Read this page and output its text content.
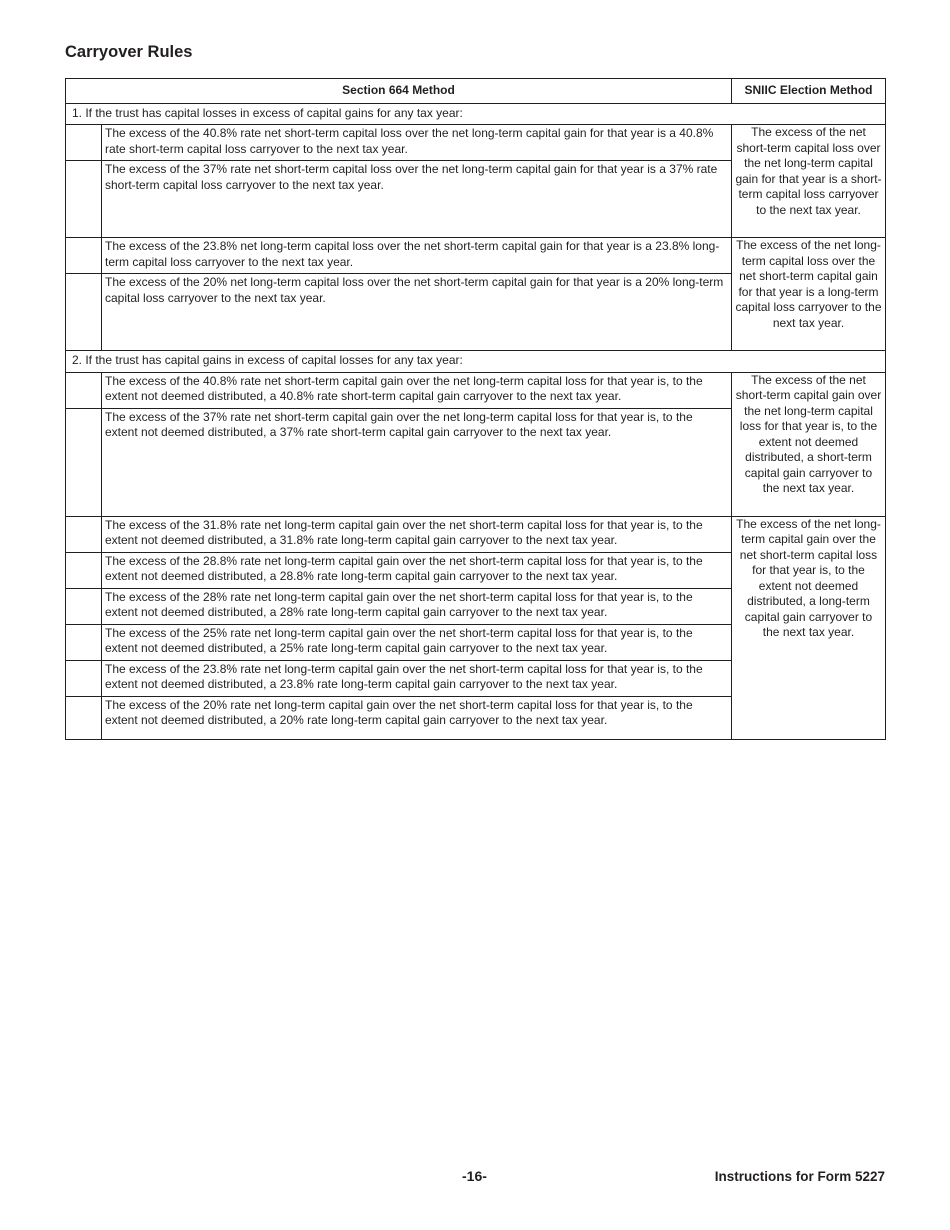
Carryover Rules
Section 664 Method		SNIIC Election Method
1. If the trust has capital losses in excess of capital gains for any tax year:		
	The excess of the 40.8% rate net short-term capital loss over the net long-term capital gain for that year is a 40.8% rate short-term capital loss carryover to the next tax year.	The excess of the net short-term capital loss over the net long-term capital gain for that year is a short-term capital loss carryover to the next tax year.
	The excess of the 37% rate net short-term capital loss over the net long-term capital gain for that year is a 37% rate short-term capital loss carryover to the next tax year.	
	The excess of the 23.8% net long-term capital loss over the net short-term capital gain for that year is a 23.8% long-term capital loss carryover to the next tax year.	The excess of the net long-term capital loss over the net short-term capital gain for that year is a long-term capital loss carryover to the next tax year.
	The excess of the 20% net long-term capital loss over the net short-term capital gain for that year is a 20% long-term capital loss carryover to the next tax year.	
2. If the trust has capital gains in excess of capital losses for any tax year:		
	The excess of the 40.8% rate net short-term capital gain over the net long-term capital loss for that year is, to the extent not deemed distributed, a 40.8% rate short-term capital gain carryover to the next tax year.	The excess of the net short-term capital gain over the net long-term capital loss for that year is, to the extent not deemed distributed, a short-term capital gain carryover to the next tax year.
	The excess of the 37% rate net short-term capital gain over the net long-term capital loss for that year is, to the extent not deemed distributed, a 37% rate short-term capital gain carryover to the next tax year.	
	The excess of the 31.8% rate net long-term capital gain over the net short-term capital loss for that year is, to the extent not deemed distributed, a 31.8% rate long-term capital gain carryover to the next tax year.	The excess of the net long-term capital gain over the net short-term capital loss for that year is, to the extent not deemed distributed, a long-term capital gain carryover to the next tax year.
	The excess of the 28.8% rate net long-term capital gain over the net short-term capital loss for that year is, to the extent not deemed distributed, a 28.8% rate long-term capital gain carryover to the next tax year.	
	The excess of the 28% rate net long-term capital gain over the net short-term capital loss for that year is, to the extent not deemed distributed, a 28% rate long-term capital gain carryover to the next tax year.	
	The excess of the 25% rate net long-term capital gain over the net short-term capital loss for that year is, to the extent not deemed distributed, a 25% rate long-term capital gain carryover to the next tax year.	
	The excess of the 23.8% rate net long-term capital gain over the net short-term capital loss for that year is, to the extent not deemed distributed, a 23.8% rate long-term capital gain carryover to the next tax year.	
	The excess of the 20% rate net long-term capital gain over the net short-term capital loss for that year is, to the extent not deemed distributed, a 20% rate long-term capital gain carryover to the next tax year.	
-16-	Instructions for Form 5227
